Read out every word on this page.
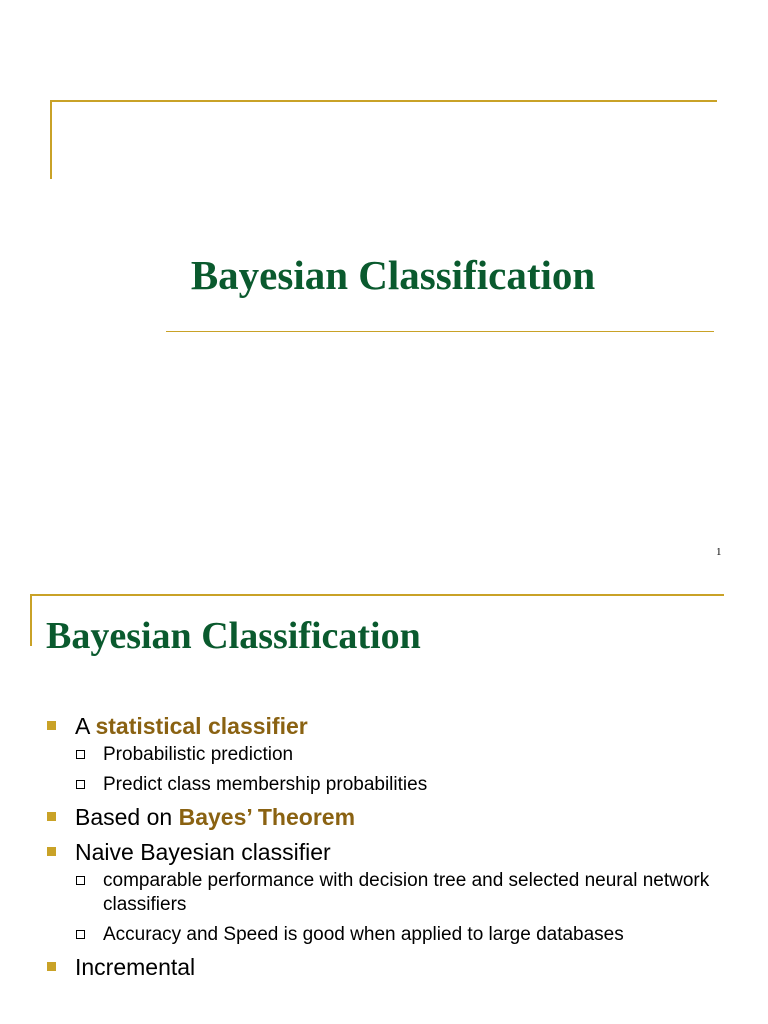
Bayesian Classification
1
Bayesian Classification
A statistical classifier
Probabilistic prediction
Predict class membership probabilities
Based on Bayes’ Theorem
Naive Bayesian classifier
comparable performance with decision tree and selected neural network classifiers
Accuracy and Speed is good when applied to large databases
Incremental
